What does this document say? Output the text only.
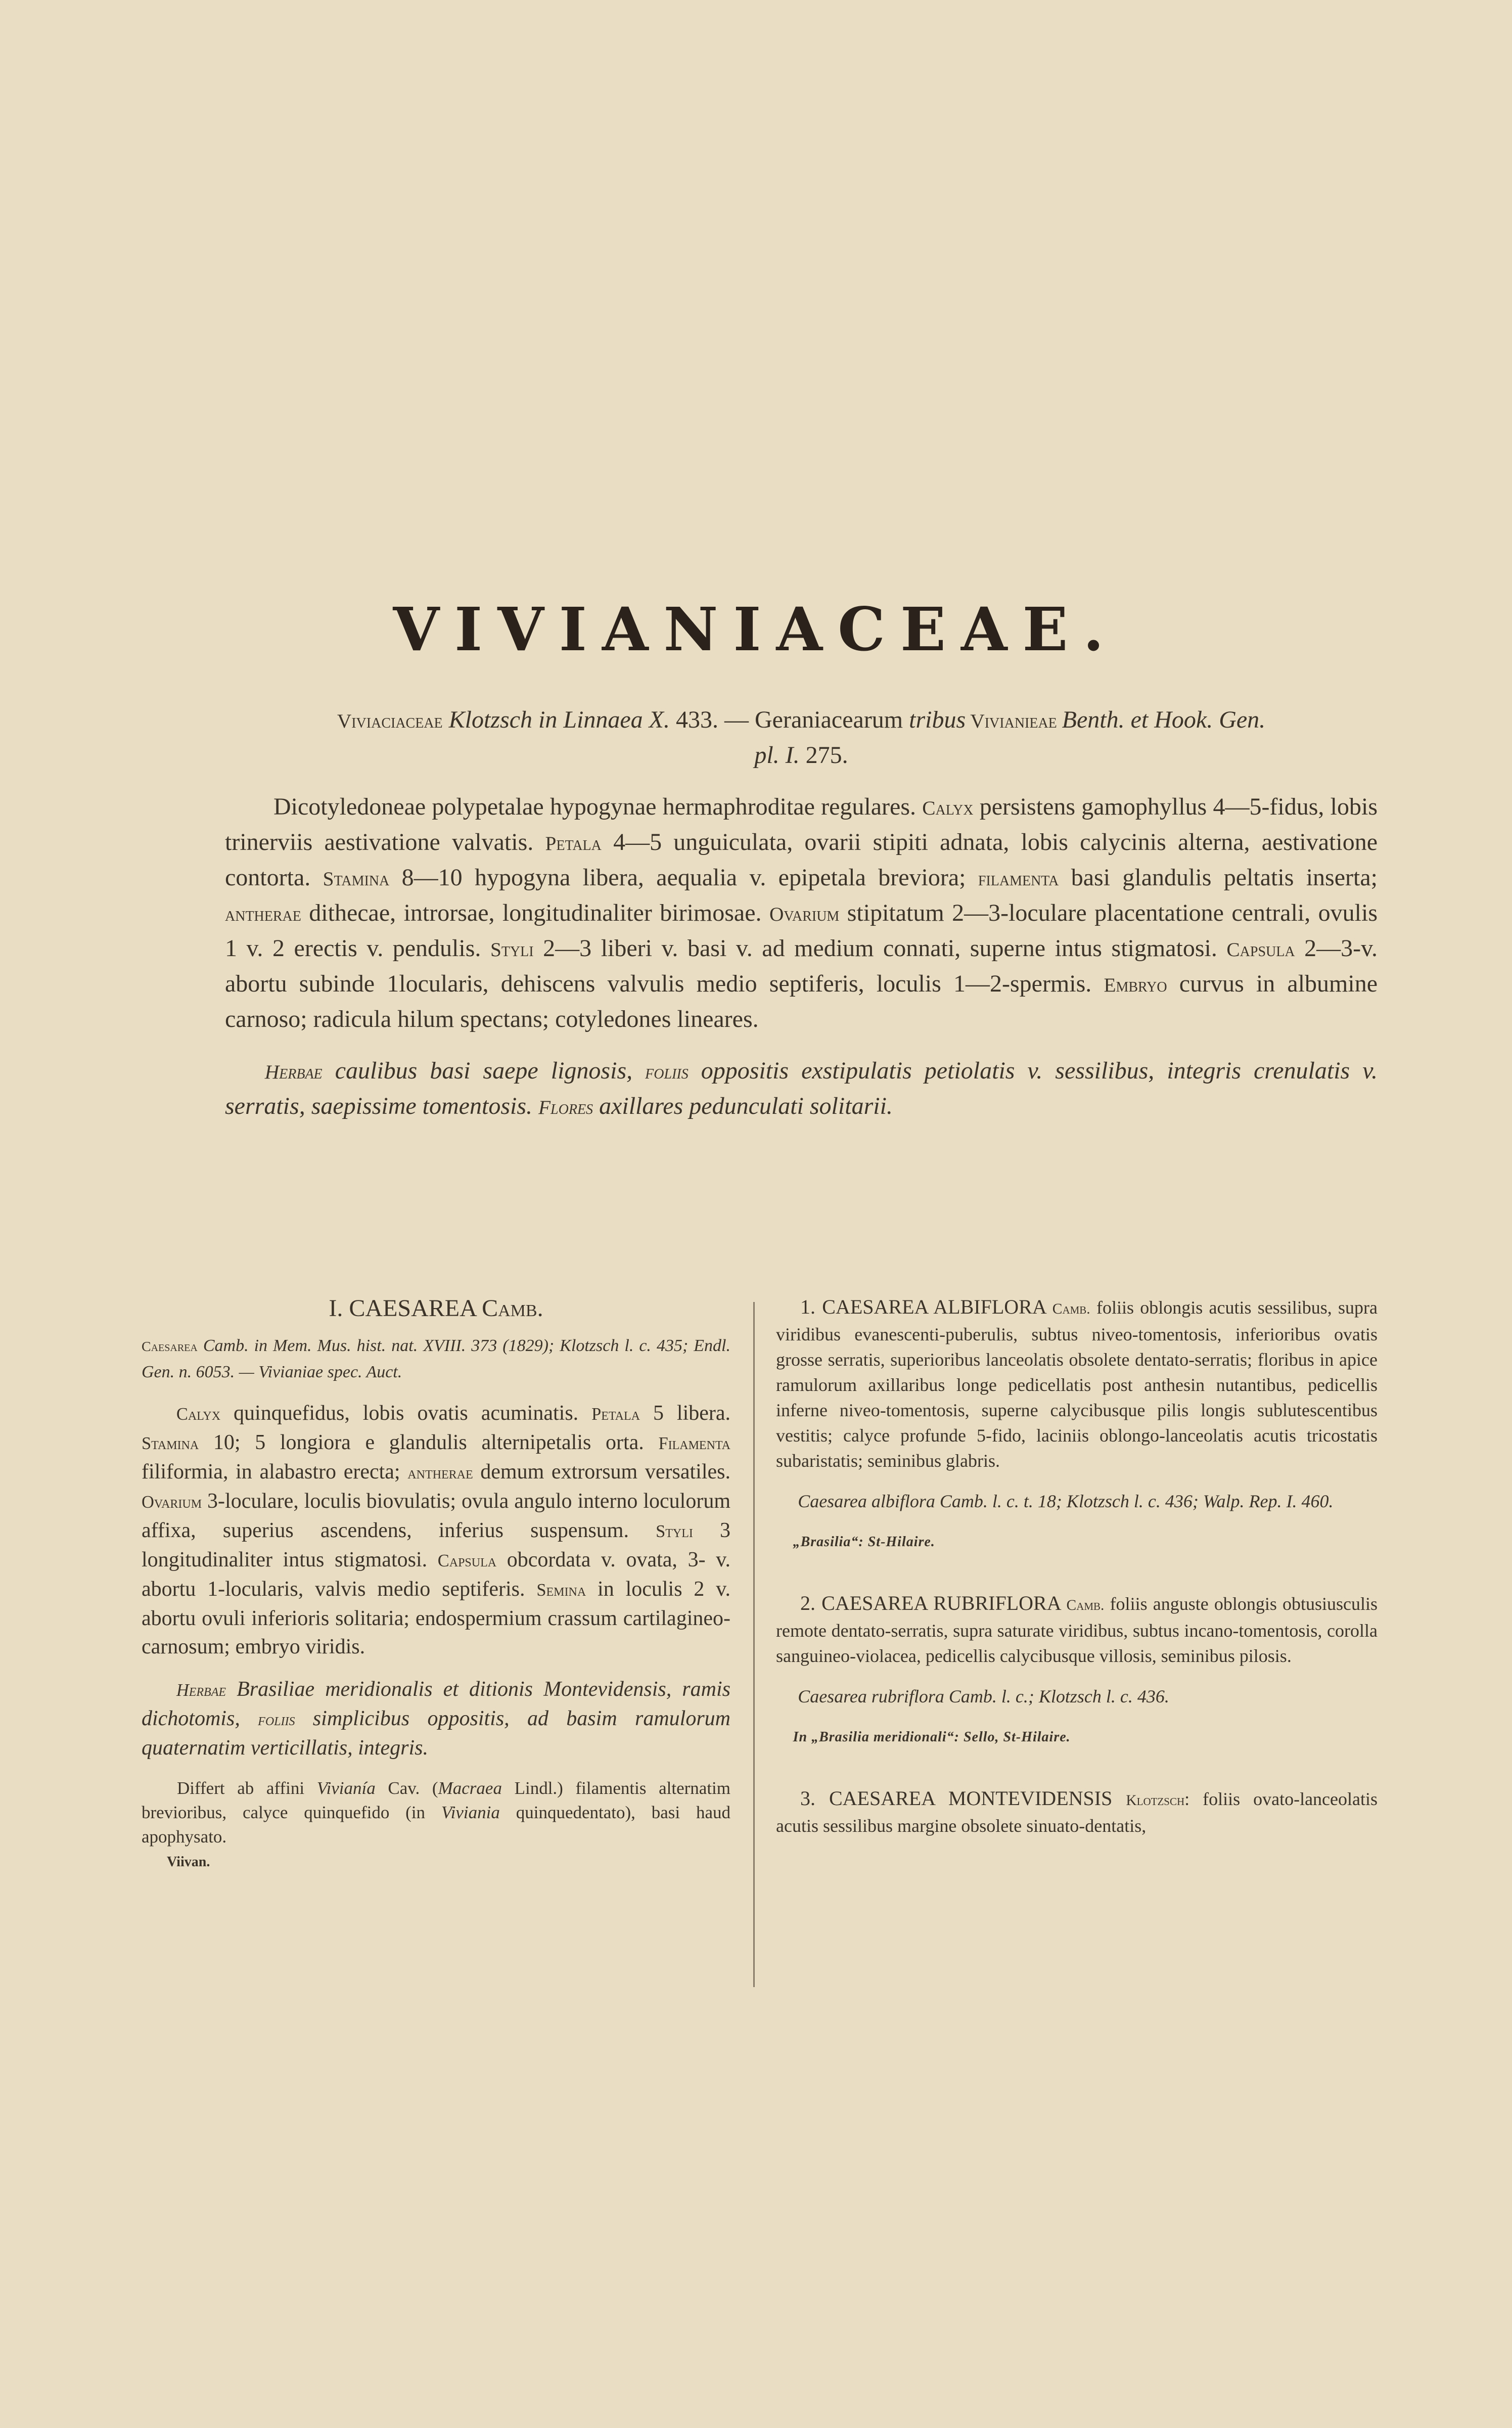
VIVIANIACEAE.
Viviaciaceae Klotzsch in Linnaea X. 433. — Geraniacearum tribus Vivianieae Benth. et Hook. Gen.
pl. I. 275.
Dicotyledoneae polypetalae hypogynae hermaphroditae regulares. Calyx persistens gamophyllus 4—5-fidus, lobis trinerviis aestivatione valvatis. Petala 4—5 unguiculata, ovarii stipiti adnata, lobis calycinis alterna, aestivatione contorta. Stamina 8—10 hypogyna libera, aequalia v. epipetala breviora; filamenta basi glandulis peltatis inserta; antherae dithecae, introrsae, longitudinaliter birimosae. Ovarium stipitatum 2—3-loculare placentatione centrali, ovulis 1 v. 2 erectis v. pendulis. Styli 2—3 liberi v. basi v. ad medium connati, superne intus stigmatosi. Capsula 2—3-v. abortu subinde 1locularis, dehiscens valvulis medio septiferis, loculis 1—2-spermis. Embryo curvus in albumine carnoso; radicula hilum spectans; cotyledones lineares.
Herbae caulibus basi saepe lignosis, foliis oppositis exstipulatis petiolatis v. sessilibus, integris crenulatis v. serratis, saepissime tomentosis. Flores axillares pedunculati solitarii.
I. CAESAREA Camb.
Caesarea Camb. in Mem. Mus. hist. nat. XVIII. 373 (1829); Klotzsch l. c. 435; Endl. Gen. n. 6053. — Vivianiae spec. Auct.
Calyx quinquefidus, lobis ovatis acuminatis. Petala 5 libera. Stamina 10; 5 longiora e glandulis alternipetalis orta. Filamenta filiformia, in alabastro erecta; antherae demum extrorsum versatiles. Ovarium 3-loculare, loculis biovulatis; ovula angulo interno loculorum affixa, superius ascendens, inferius suspensum. Styli 3 longitudinaliter intus stigmatosi. Capsula obcordata v. ovata, 3- v. abortu 1-locularis, valvis medio septiferis. Semina in loculis 2 v. abortu ovuli inferioris solitaria; endospermium crassum cartilagineo-carnosum; embryo viridis.
Herbae Brasiliae meridionalis et ditionis Montevidensis, ramis dichotomis, foliis simplicibus oppositis, ad basim ramulorum quaternatim verticillatis, integris.
Differt ab affini Vivianía Cav. (Macraea Lindl.) filamentis alternatim brevioribus, calyce quinquefido (in Viviania quinquedentato), basi haud apophysato.
Viivan.
1. CAESAREA ALBIFLORA Camb. foliis oblongis acutis sessilibus, supra viridibus evanescenti-puberulis, subtus niveo-tomentosis, inferioribus ovatis grosse serratis, superioribus lanceolatis obsolete dentato-serratis; floribus in apice ramulorum axillaribus longe pedicellatis post anthesin nutantibus, pedicellis inferne niveo-tomentosis, superne calycibusque pilis longis sublutescentibus vestitis; calyce profunde 5-fido, laciniis oblongo-lanceolatis acutis tricostatis subaristatis; seminibus glabris.
Caesarea albiflora Camb. l. c. t. 18; Klotzsch l. c. 436; Walp. Rep. I. 460.
„Brasilia“: St-Hilaire.
2. CAESAREA RUBRIFLORA Camb. foliis anguste oblongis obtusiusculis remote dentato-serratis, supra saturate viridibus, subtus incano-tomentosis, corolla sanguineo-violacea, pedicellis calycibusque villosis, seminibus pilosis.
Caesarea rubriflora Camb. l. c.; Klotzsch l. c. 436.
In „Brasilia meridionali“: Sello, St-Hilaire.
3. CAESAREA MONTEVIDENSIS Klotzsch: foliis ovato-lanceolatis acutis sessilibus margine obsolete sinuato-dentatis,
